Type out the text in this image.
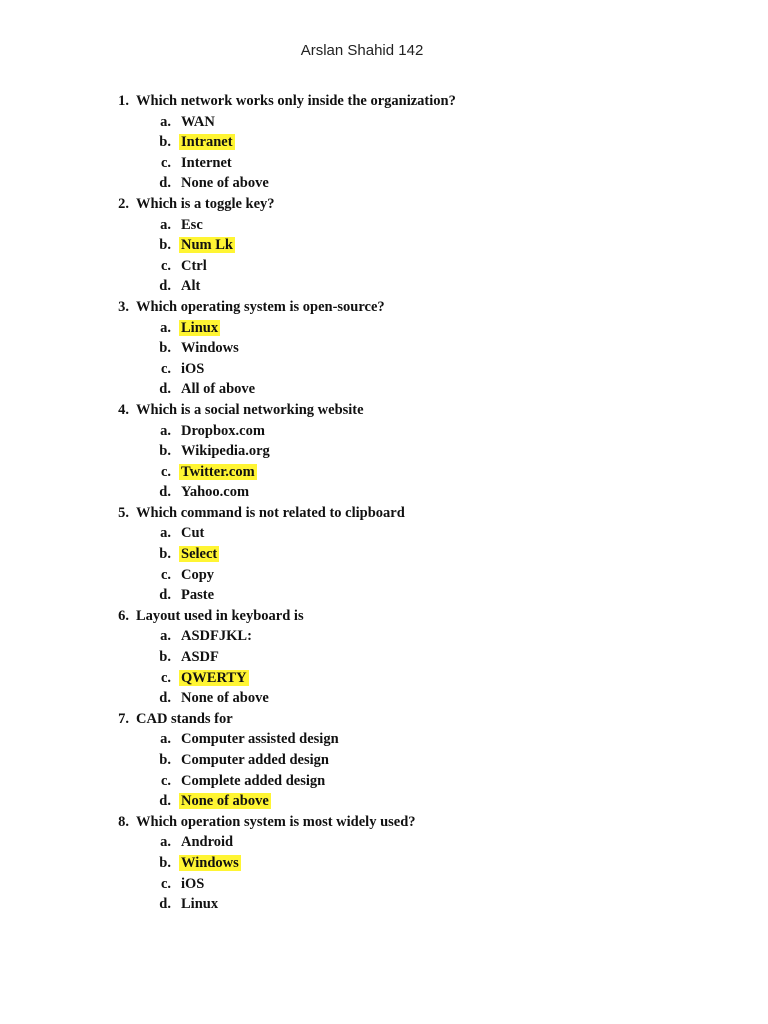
Arslan Shahid 142
1. Which network works only inside the organization?
a. WAN
b. Intranet
c. Internet
d. None of above
2. Which is a toggle key?
a. Esc
b. Num Lk
c. Ctrl
d. Alt
3. Which operating system is open-source?
a. Linux
b. Windows
c. iOS
d. All of above
4. Which is a social networking website
a. Dropbox.com
b. Wikipedia.org
c. Twitter.com
d. Yahoo.com
5. Which command is not related to clipboard
a. Cut
b. Select
c. Copy
d. Paste
6. Layout used in keyboard is
a. ASDFJKL:
b. ASDF
c. QWERTY
d. None of above
7. CAD stands for
a. Computer assisted design
b. Computer added design
c. Complete added design
d. None of above
8. Which operation system is most widely used?
a. Android
b. Windows
c. iOS
d. Linux
